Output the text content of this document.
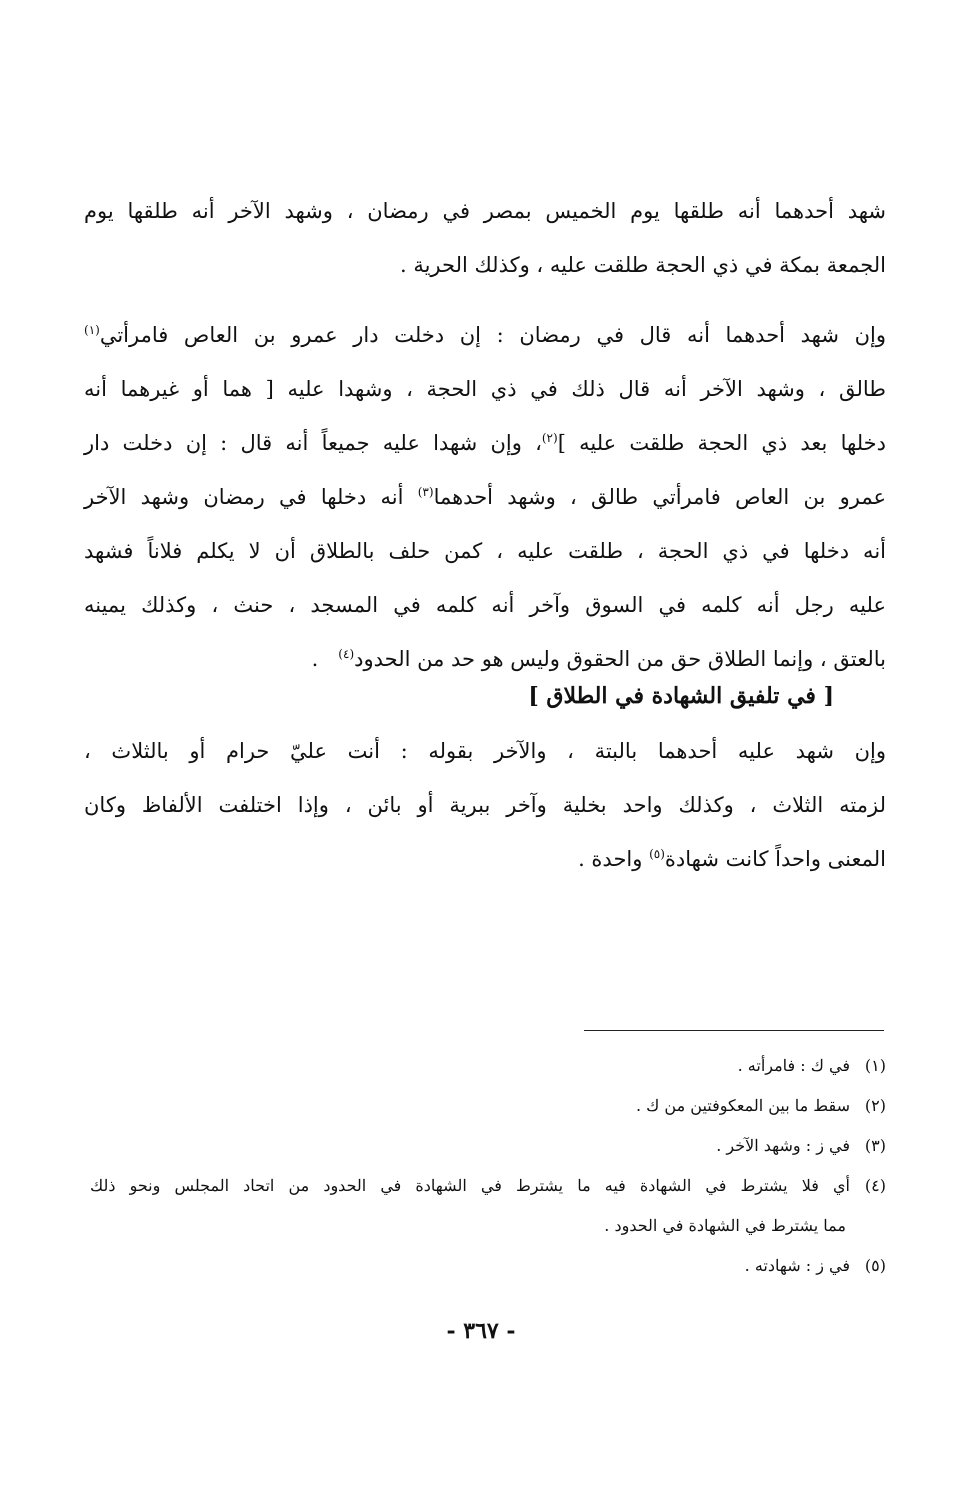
شهد أحدهما أنه طلقها يوم الخميس بمصر في رمضان ، وشهد الآخر أنه طلقها يوم
الجمعة بمكة في ذي الحجة طلقت عليه ، وكذلك الحرية .

وإن شهد أحدهما أنه قال في رمضان : إن دخلت دار عمرو بن العاص فامرأتي$^{(١)}$
طالق ، وشهد الآخر أنه قال ذلك في ذي الحجة ، وشهدا عليه [ هما أو غيرهما أنه
دخلها بعد ذي الحجة طلقت عليه ]$^{(٢)}$، وإن شهدا عليه جميعاً أنه قال : إن دخلت دار
عمرو بن العاص فامرأتي طالق ، وشهد أحدهما$^{(٣)}$ أنه دخلها في رمضان وشهد الآخر
أنه دخلها في ذي الحجة ، طلقت عليه ، كمن حلف بالطلاق أن لا يكلم فلاناً فشهد
عليه رجل أنه كلمه في السوق وآخر أنه كلمه في المسجد ، حنث ، وكذلك يمينه
بالعتق ، وإنما الطلاق حق من الحقوق وليس هو حد من الحدود$^{(٤)}$   .

[ في تلفيق الشهادة في الطلاق ]

وإن شهد عليه أحدهما بالبتة ، والآخر بقوله : أنت عليّ حرام أو بالثلاث ،
لزمته الثلاث ، وكذلك واحد بخلية وآخر ببرية أو بائن ، وإذا اختلفت الألفاظ وكان
المعنى واحداً كانت شهادة$^{(٥)}$ واحدة .

(١)في ك : فامرأته .
(٢)سقط ما بين المعكوفتين من ك .
(٣)في ز : وشهد الآخر .
(٤)أي فلا يشترط في الشهادة فيه ما يشترط في الشهادة في الحدود من اتحاد المجلس ونحو ذلك
مما يشترط في الشهادة في الحدود .
(٥)في ز : شهادته .
- ٣٦٧ -
